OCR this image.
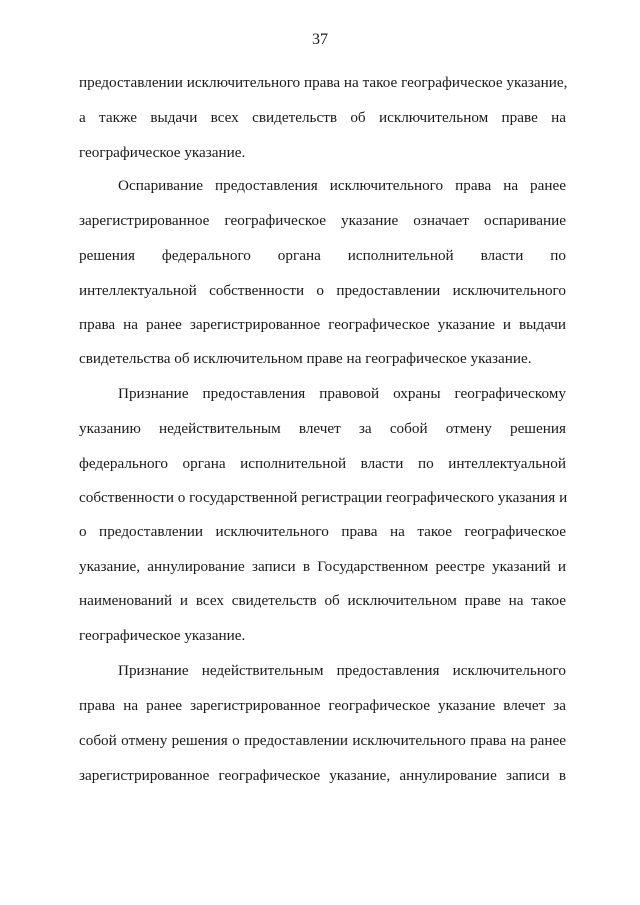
37
предоставлении исключительного права на такое географическое указание,
а также выдачи всех свидетельств об исключительном праве на
географическое указание.
Оспаривание предоставления исключительного права на ранее
зарегистрированное географическое указание означает оспаривание
решения федерального органа исполнительной власти по
интеллектуальной собственности о предоставлении исключительного
права на ранее зарегистрированное географическое указание и выдачи
свидетельства об исключительном праве на географическое указание.
Признание предоставления правовой охраны географическому
указанию недействительным влечет за собой отмену решения
федерального органа исполнительной власти по интеллектуальной
собственности о государственной регистрации географического указания и
о предоставлении исключительного права на такое географическое
указание, аннулирование записи в Государственном реестре указаний и
наименований и всех свидетельств об исключительном праве на такое
географическое указание.
Признание недействительным предоставления исключительного
права на ранее зарегистрированное географическое указание влечет за
собой отмену решения о предоставлении исключительного права на ранее
зарегистрированное географическое указание, аннулирование записи в
